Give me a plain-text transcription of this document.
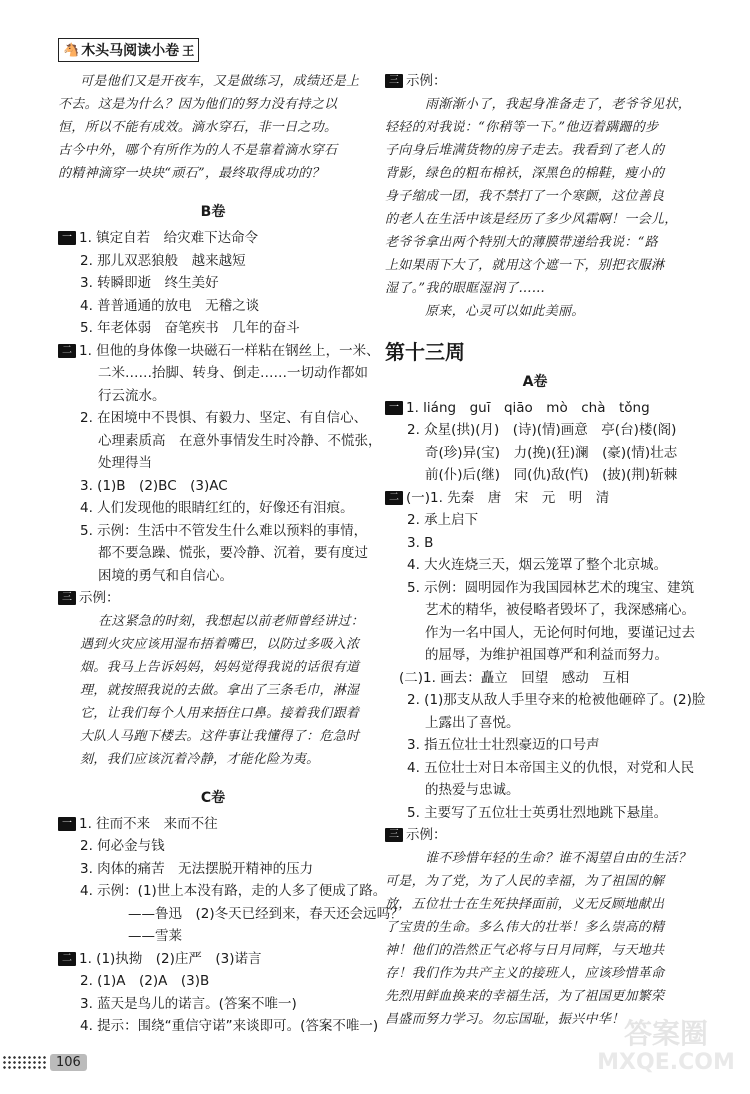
🐴 木头马阅读小卷 王
可是他们又是开夜车，又是做练习，成绩还是上
不去。这是为什么？因为他们的努力没有持之以
恒，所以不能有成效。滴水穿石，非一日之功。
古今中外，哪个有所作为的人不是靠着滴水穿石
的精神滴穿一块块“顽石”，最终取得成功的？
B卷
一 1. 镇定自若　给灾难下达命令
2. 那儿双恶狼般　越来越短
3. 转瞬即逝　终生美好
4. 普普通通的放电　无稽之谈
5. 年老体弱　奋笔疾书　几年的奋斗
二 1. 但他的身体像一块磁石一样粘在钢丝上，一米、
二米……抬脚、转身、倒走……一切动作都如
行云流水。
2. 在困境中不畏惧、有毅力、坚定、有自信心、
心理素质高　在意外事情发生时冷静、不慌张，
处理得当
3. (1)B　(2)BC　(3)AC
4. 人们发现他的眼睛红红的，好像还有泪痕。
5. 示例：生活中不管发生什么难以预料的事情，
都不要急躁、慌张，要冷静、沉着，要有度过
困境的勇气和自信心。
三 示例：
在这紧急的时刻，我想起以前老师曾经讲过：
遇到火灾应该用湿布捂着嘴巴，以防过多吸入浓
烟。我马上告诉妈妈，妈妈觉得我说的话很有道
理，就按照我说的去做。拿出了三条毛巾，淋湿
它，让我们每个人用来捂住口鼻。接着我们跟着
大队人马跑下楼去。这件事让我懂得了：危急时
刻，我们应该沉着冷静，才能化险为夷。
C卷
一 1. 往而不来　来而不往
2. 何必金与钱
3. 肉体的痛苦　无法摆脱开精神的压力
4. 示例：(1)世上本没有路，走的人多了便成了路。
——鲁迅　(2)冬天已经到来，春天还会远吗？
——雪莱
二 1. (1)执拗　(2)庄严　(3)诺言
2. (1)A　(2)A　(3)B
3. 蓝天是鸟儿的诺言。(答案不唯一)
4. 提示：围绕“重信守诺”来谈即可。(答案不唯一)
三 示例：
雨渐渐小了，我起身准备走了，老爷爷见状，
轻轻的对我说：“你稍等一下。”他迈着蹒跚的步
子向身后堆满货物的房子走去。我看到了老人的
背影，绿色的粗布棉袄，深黑色的棉鞋，瘦小的
身子缩成一团，我不禁打了一个寒颤，这位善良
的老人在生活中该是经历了多少风霜啊！一会儿，
老爷爷拿出两个特别大的薄膜带递给我说：“路
上如果雨下大了，就用这个遮一下，别把衣服淋
湿了。”我的眼眶湿润了……
原来，心灵可以如此美丽。
第十三周
A卷
一 1. liáng　guī　qiāo　mò　chà　tǒng
2. 众星(拱)(月)　(诗)(情)画意　亭(台)楼(阁)
奇(珍)异(宝)　力(挽)(狂)澜　(豪)(情)壮志
前(仆)后(继)　同(仇)敌(忾)　(披)(荆)斩棘
二 (一)1. 先秦　唐　宋　元　明　清
2. 承上启下
3. B
4. 大火连烧三天，烟云笼罩了整个北京城。
5. 示例：圆明园作为我国园林艺术的瑰宝、建筑
艺术的精华，被侵略者毁坏了，我深感痛心。
作为一名中国人，无论何时何地，要谨记过去
的屈辱，为维护祖国尊严和利益而努力。
(二)1. 画去：矗立　回望　感动　互相
2. (1)那支从敌人手里夺来的枪被他砸碎了。(2)脸
上露出了喜悦。
3. 指五位壮士壮烈豪迈的口号声
4. 五位壮士对日本帝国主义的仇恨，对党和人民
的热爱与忠诚。
5. 主要写了五位壮士英勇壮烈地跳下悬崖。
三 示例：
谁不珍惜年轻的生命？谁不渴望自由的生活？
可是，为了党，为了人民的幸福，为了祖国的解
放，五位壮士在生死抉择面前，义无反顾地献出
了宝贵的生命。多么伟大的壮举！多么崇高的精
神！他们的浩然正气必将与日月同辉，与天地共
存！我们作为共产主义的接班人，应该珍惜革命
先烈用鲜血换来的幸福生活，为了祖国更加繁荣
昌盛而努力学习。勿忘国耻，振兴中华！
106
答案圈
MXQE.COM
